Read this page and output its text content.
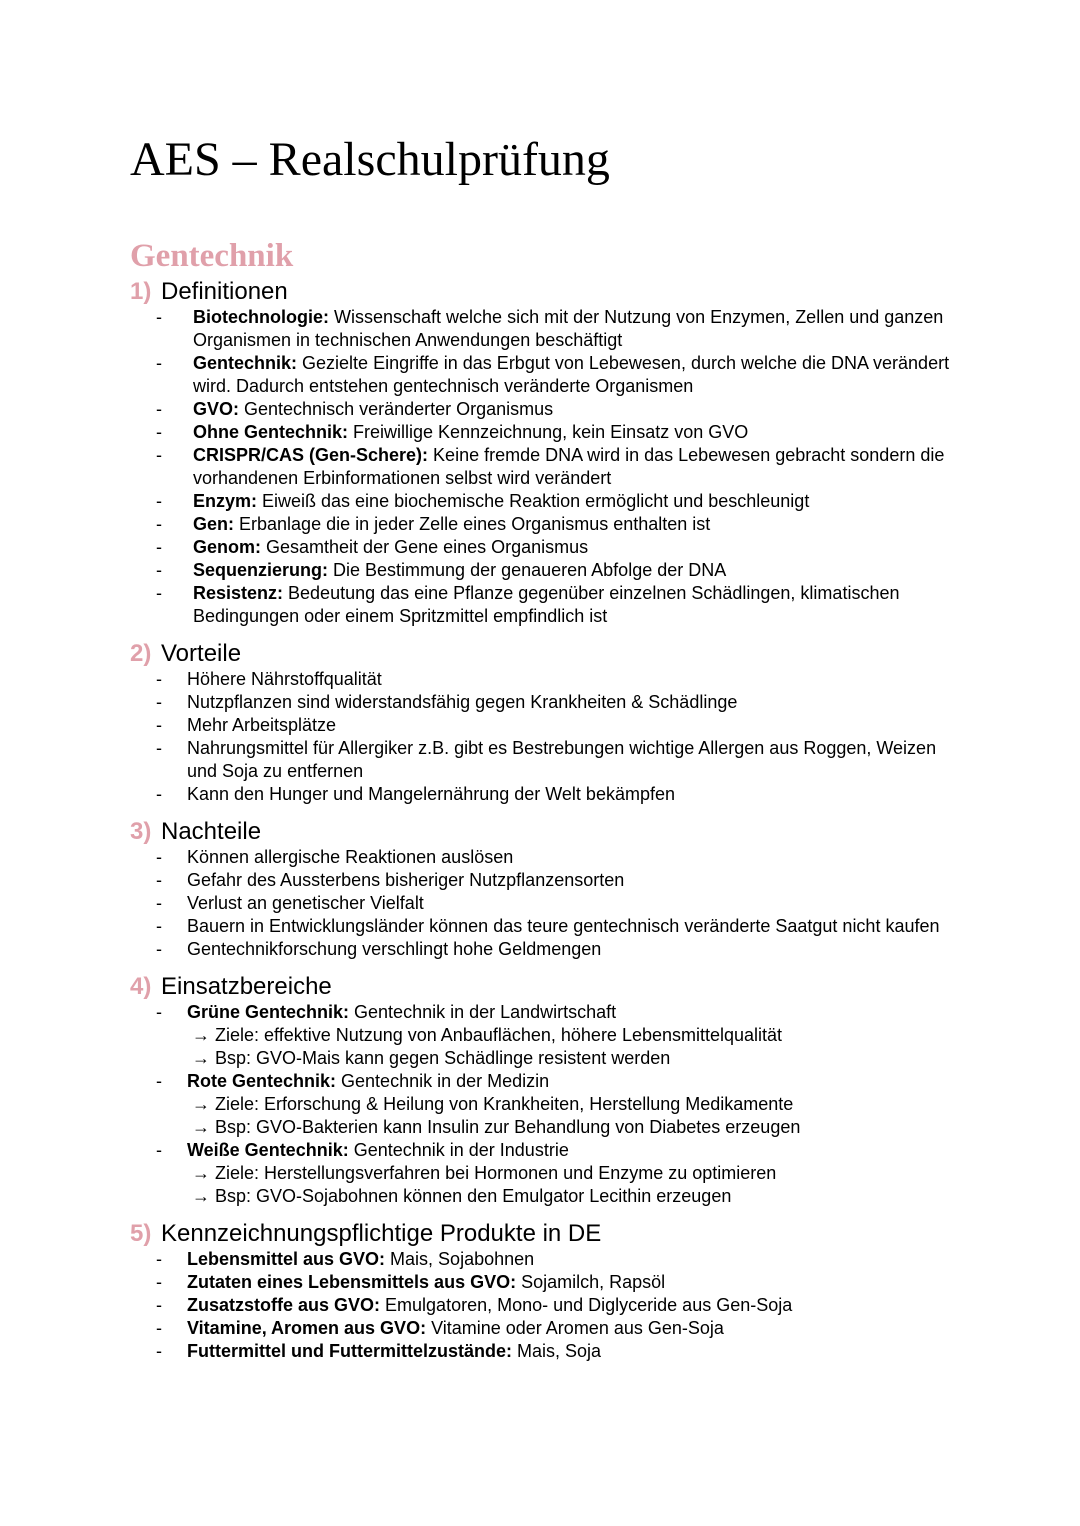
AES – Realschulprüfung
Gentechnik
1) Definitionen
- Biotechnologie: Wissenschaft welche sich mit der Nutzung von Enzymen, Zellen und ganzen Organismen in technischen Anwendungen beschäftigt
- Gentechnik: Gezielte Eingriffe in das Erbgut von Lebewesen, durch welche die DNA verändert wird. Dadurch entstehen gentechnisch veränderte Organismen
- GVO: Gentechnisch veränderter Organismus
- Ohne Gentechnik: Freiwillige Kennzeichnung, kein Einsatz von GVO
- CRISPR/CAS (Gen-Schere): Keine fremde DNA wird in das Lebewesen gebracht sondern die vorhandenen Erbinformationen selbst wird verändert
- Enzym: Eiweiß das eine biochemische Reaktion ermöglicht und beschleunigt
- Gen: Erbanlage die in jeder Zelle eines Organismus enthalten ist
- Genom: Gesamtheit der Gene eines Organismus
- Sequenzierung: Die Bestimmung der genaueren Abfolge der DNA
- Resistenz: Bedeutung das eine Pflanze gegenüber einzelnen Schädlingen, klimatischen Bedingungen oder einem Spritzmittel empfindlich ist
2) Vorteile
- Höhere Nährstoffqualität
- Nutzpflanzen sind widerstandsfähig gegen Krankheiten & Schädlinge
- Mehr Arbeitsplätze
- Nahrungsmittel für Allergiker z.B. gibt es Bestrebungen wichtige Allergen aus Roggen, Weizen und Soja zu entfernen
- Kann den Hunger und Mangelernährung der Welt bekämpfen
3) Nachteile
- Können allergische Reaktionen auslösen
- Gefahr des Aussterbens bisheriger Nutzpflanzensorten
- Verlust an genetischer Vielfalt
- Bauern in Entwicklungsländer können das teure gentechnisch veränderte Saatgut nicht kaufen
- Gentechnikforschung verschlingt hohe Geldmengen
4) Einsatzbereiche
- Grüne Gentechnik: Gentechnik in der Landwirtschaft
→ Ziele: effektive Nutzung von Anbauflächen, höhere Lebensmittelqualität
→ Bsp: GVO-Mais kann gegen Schädlinge resistent werden
- Rote Gentechnik: Gentechnik in der Medizin
→ Ziele: Erforschung & Heilung von Krankheiten, Herstellung Medikamente
→ Bsp: GVO-Bakterien kann Insulin zur Behandlung von Diabetes erzeugen
- Weiße Gentechnik: Gentechnik in der Industrie
→ Ziele: Herstellungsverfahren bei Hormonen und Enzyme zu optimieren
→ Bsp: GVO-Sojabohnen können den Emulgator Lecithin erzeugen
5) Kennzeichnungspflichtige Produkte in DE
- Lebensmittel aus GVO: Mais, Sojabohnen
- Zutaten eines Lebensmittels aus GVO: Sojamilch, Rapsöl
- Zusatzstoffe aus GVO: Emulgatoren, Mono- und Diglyceride aus Gen-Soja
- Vitamine, Aromen aus GVO: Vitamine oder Aromen aus Gen-Soja
- Futtermittel und Futtermittelzustände: Mais, Soja
